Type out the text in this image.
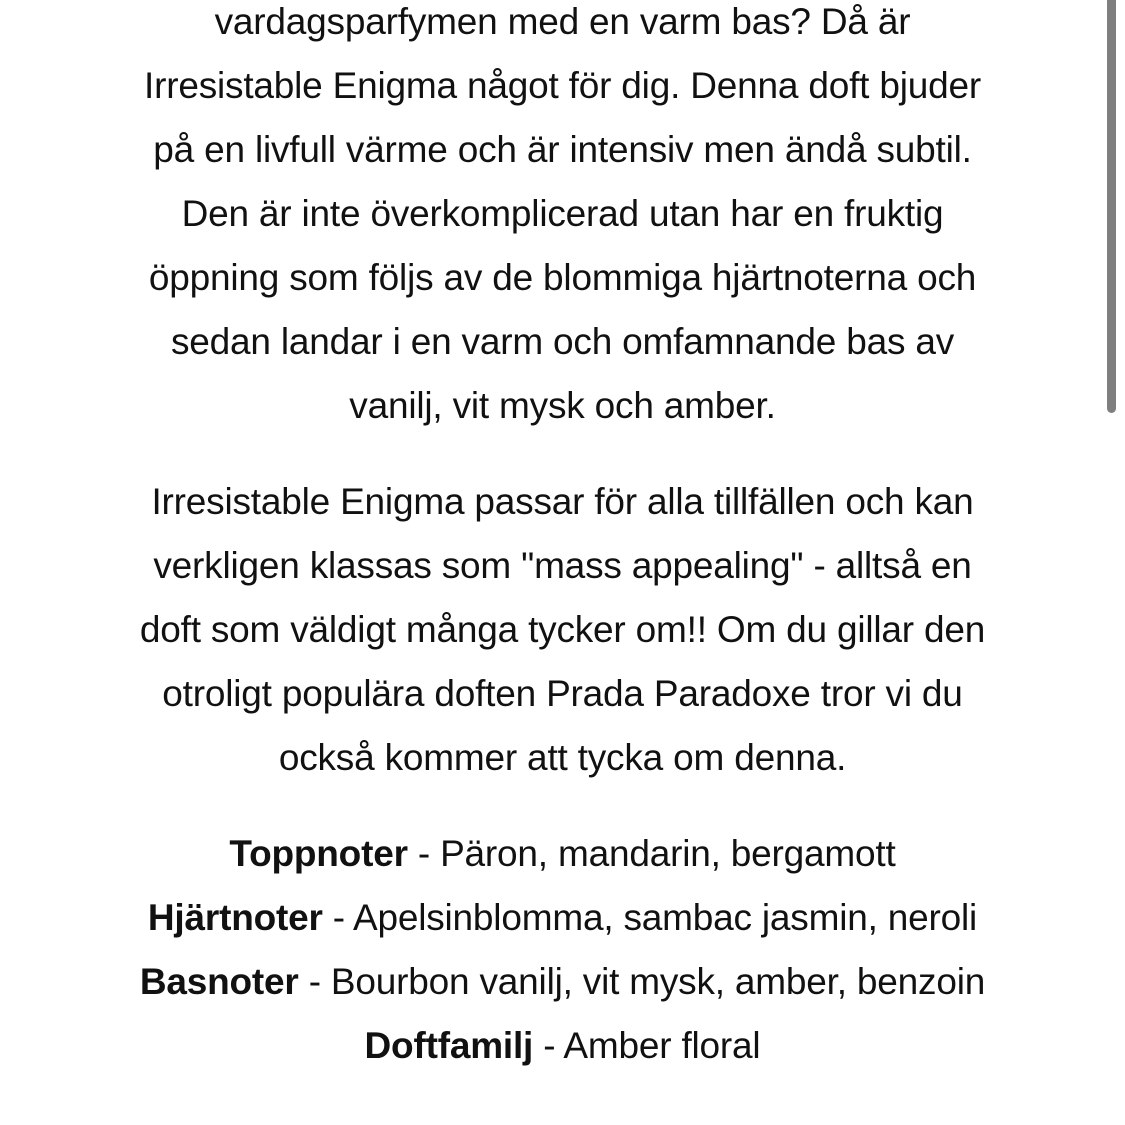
vardagsparfymen med en varm bas? Då är
Irresistable Enigma något för dig. Denna doft bjuder
på en livfull värme och är intensiv men ändå subtil.
Den är inte överkomplicerad utan har en fruktig
öppning som följs av de blommiga hjärtnoterna och
sedan landar i en varm och omfamnande bas av
vanilj, vit mysk och amber.
Irresistable Enigma passar för alla tillfällen och kan
verkligen klassas som "mass appealing" - alltså en
doft som väldigt många tycker om!! Om du gillar den
otroligt populära doften Prada Paradoxe tror vi du
också kommer att tycka om denna.
Toppnoter - Päron, mandarin, bergamott
Hjärtnoter - Apelsinblomma, sambac jasmin, neroli
Basnoter - Bourbon vanilj, vit mysk, amber, benzoin
Doftfamilj - Amber floral
